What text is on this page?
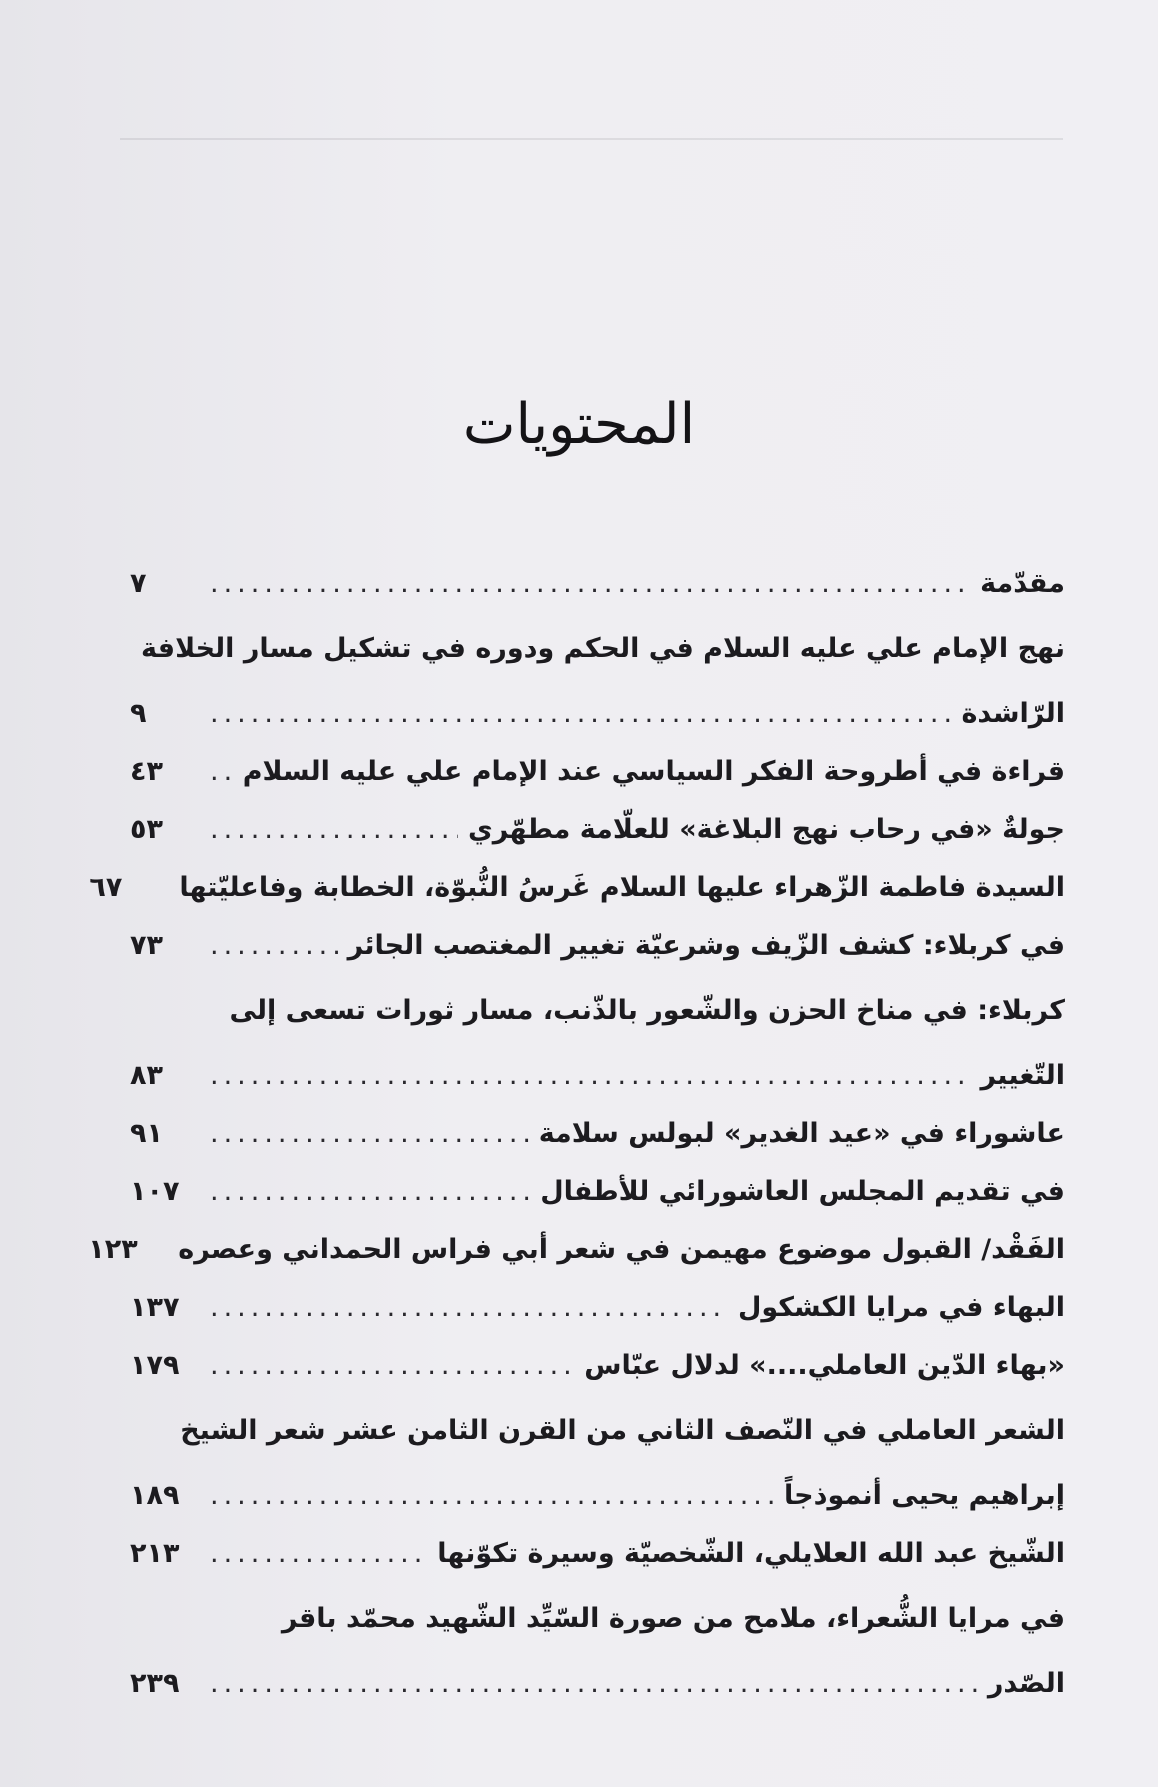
المحتويات
مقدّمة
.....
٧
نهج الإمام علي عليه السلام في الحكم ودوره في تشكيل مسار الخلافة
الرّاشدة
.....
٩
قراءة في أطروحة الفكر السياسي عند الإمام علي عليه السلام
.....
٤٣
جولةٌ «في رحاب نهج البلاغة» للعلّامة مطهّري
.....
٥٣
السيدة فاطمة الزّهراء عليها السلام غَرسُ النُّبوّة، الخطابة وفاعليّتها
٦٧
في كربلاء: كشف الزّيف وشرعيّة تغيير المغتصب الجائر
.....
٧٣
كربلاء: في مناخ الحزن والشّعور بالذّنب، مسار ثورات تسعى إلى
التّغيير
.....
٨٣
عاشوراء في «عيد الغدير» لبولس سلامة
.....
٩١
في تقديم المجلس العاشورائي للأطفال
.....
١٠٧
الفَقْد/ القبول موضوع مهيمن في شعر أبي فراس الحمداني وعصره
١٢٣
البهاء في مرايا الكشكول
.....
١٣٧
«بهاء الدّين العاملي....» لدلال عبّاس
.....
١٧٩
الشعر العاملي في النّصف الثاني من القرن الثامن عشر شعر الشيخ
إبراهيم يحيى أنموذجاً
.....
١٨٩
الشّيخ عبد الله العلايلي، الشّخصيّة وسيرة تكوّنها
.....
٢١٣
في مرايا الشُّعراء، ملامح من صورة السّيِّد الشّهيد محمّد باقر
الصّدر
.....
٢٣٩
